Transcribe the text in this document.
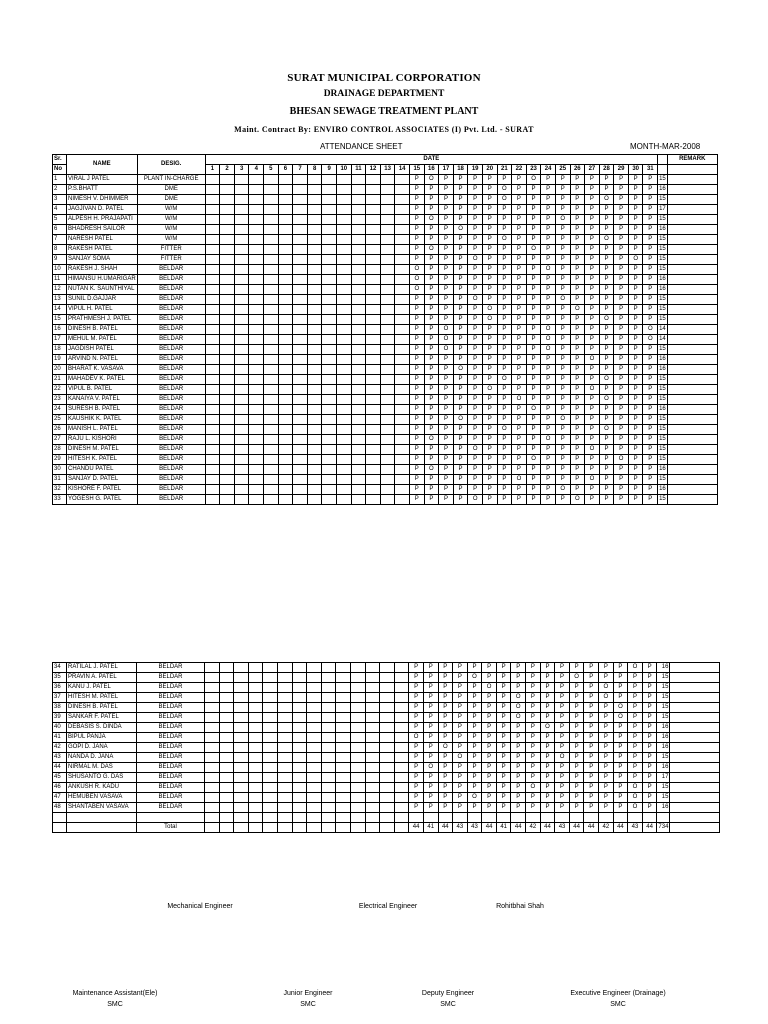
SURAT MUNICIPAL CORPORATION
DRAINAGE DEPARTMENT
BHESAN SEWAGE TREATMENT PLANT
Maint. Contract By: ENVIRO CONTROL ASSOCIATES (I) Pvt. Ltd. - SURAT
ATTENDANCE SHEET	MONTH-MAR-2008
Sr.	NAME	DESIG.	DATE																																REMARK
No			1	2	3	4	5	6	7	8	9	10	11	12	13	14	15	16	17	18	19	20	21	22	23	24	25	26	27	28	29	30	31		
1	VIRAL J PATEL	PLANT IN-CHARGE															P	O	P	P	P	P	P	P	O	P	P	P	P	P	P	P	P	15	
2	P.S.BHATT	DME															P	P	P	P	P	P	O	P	P	P	P	P	P	P	P	P	P	16	
3	NIMESH V. DHIMMER	DME															P	P	P	P	P	P	O	P	P	P	P	P	P	O	P	P	P	15	
4	JAGJIVAN D. PATEL	W/M															P	P	P	P	P	P	P	P	P	P	P	P	P	P	P	P	P	17	
5	ALPESH H. PRAJAPATI	W/M															P	O	P	P	P	P	P	P	P	P	O	P	P	P	P	P	P	15	
6	BHADRESH SAILOR	W/M															P	P	P	O	P	P	P	P	P	P	P	P	P	P	P	P	P	16	
7	NARESH PATEL	W/M															P	P	P	P	P	P	O	P	P	P	P	P	P	O	P	P	P	15	
8	RAKESH PATEL	FITTER															P	O	P	P	P	P	P	P	O	P	P	P	P	P	P	P	P	15	
9	SANJAY SOMA	FITTER															P	P	P	P	O	P	P	P	P	P	P	P	P	P	P	O	P	15	
10	RAKESH J. SHAH	BELDAR															O	P	P	P	P	P	P	P	P	O	P	P	P	P	P	P	P	15	
11	HIMANSU H.UMARIGAR	BELDAR															O	P	P	P	P	P	P	P	P	P	P	P	P	P	P	P	P	16	
12	NUTAN K. SAUNTHIYAL	BELDAR															O	P	P	P	P	P	P	P	P	P	P	P	P	P	P	P	P	16	
13	SUNIL D.GAJJAR	BELDAR															P	P	P	P	O	P	P	P	P	P	O	P	P	P	P	P	P	15	
14	VIPUL H. PATEL	BELDAR															P	P	P	P	P	O	P	P	P	P	P	O	P	P	P	P	P	15	
15	PRATHMESH J. PATEL	BELDAR															P	P	P	P	P	O	P	P	P	P	P	P	P	O	P	P	P	15	
16	DINESH B. PATEL	BELDAR															P	P	O	P	P	P	P	P	P	O	P	P	P	P	P	P	O	14	
17	MEHUL M. PATEL	BELDAR															P	P	O	P	P	P	P	P	P	O	P	P	P	P	P	P	O	14	
18	JAGDISH PATEL	BELDAR															P	P	O	P	P	P	P	P	P	O	P	P	P	P	P	P	P	15	
19	ARVIND N. PATEL	BELDAR															P	P	P	P	P	P	P	P	P	P	P	P	O	P	P	P	P	16	
20	BHARAT K. VASAVA	BELDAR															P	P	P	O	P	P	P	P	P	P	P	P	P	P	P	P	P	16	
21	MAHADEV K. PATEL	BELDAR															P	P	P	P	P	P	O	P	P	P	P	P	P	O	P	P	P	15	
22	VIPUL B. PATEL	BELDAR															P	P	P	P	P	O	P	P	P	P	P	P	O	P	P	P	P	15	
23	KANAIYA V. PATEL	BELDAR															P	P	P	P	P	P	P	O	P	P	P	P	P	O	P	P	P	15	
24	SURESH B. PATEL	BELDAR															P	P	P	P	P	P	P	P	O	P	P	P	P	P	P	P	P	16	
25	KAUSHIK K. PATEL	BELDAR															P	P	P	O	P	P	P	P	P	P	O	P	P	P	P	P	P	15	
26	MANISH L. PATEL	BELDAR															P	P	P	P	P	P	O	P	P	P	P	P	P	O	P	P	P	15	
27	RAJU L. KISHORI	BELDAR															P	O	P	P	P	P	P	P	P	O	P	P	P	P	P	P	P	15	
28	DINESH M. PATEL	BELDAR															P	P	P	P	O	P	P	P	P	P	P	P	O	P	P	P	P	15	
29	HITESH K. PATEL	BELDAR															P	P	P	P	P	P	P	P	O	P	P	P	P	P	O	P	P	15	
30	CHANDU PATEL	BELDAR															P	O	P	P	P	P	P	P	P	P	P	P	P	P	P	P	P	16	
31	SANJAY D. PATEL	BELDAR															P	P	P	P	P	P	P	O	P	P	P	P	O	P	P	P	P	15	
32	KISHORE F. PATEL	BELDAR															P	P	P	P	P	P	P	P	P	P	O	P	P	P	P	P	P	16	
33	YOGESH G. PATEL	BELDAR															P	P	P	P	O	P	P	P	P	P	P	O	P	P	P	P	P	15	
34	RATILAL J. PATEL	BELDAR															P	P	P	P	P	P	P	P	P	P	P	P	P	P	P	O	P	16	
35	PRAVIN A. PATEL	BELDAR															P	P	P	P	O	P	P	P	P	P	P	O	P	P	P	P	P	15	
36	KANU J. PATEL	BELDAR															P	P	P	P	P	O	P	P	P	P	P	P	P	O	P	P	P	15	
37	HITESH M. PATEL	BELDAR															P	P	P	P	P	P	P	O	P	P	P	P	P	O	P	P	P	15	
38	DINESH B. PATEL	BELDAR															P	P	P	P	P	P	P	O	P	P	P	P	P	P	O	P	P	15	
39	SANKAR F. PATEL	BELDAR															P	P	P	P	P	P	P	O	P	P	P	P	P	P	O	P	P	15	
40	DEBASIS S. DINDA	BELDAR															P	P	P	P	P	P	P	P	P	O	P	P	P	P	P	P	P	16	
41	BIPUL PANJA	BELDAR															O	P	P	P	P	P	P	P	P	P	P	P	P	P	P	P	P	16	
42	GOPI D. JANA	BELDAR															P	P	O	P	P	P	P	P	P	P	P	P	P	P	P	P	P	16	
43	NANDA D. JANA	BELDAR															P	P	P	O	P	P	P	P	P	P	O	P	P	P	P	P	P	15	
44	NIRMAL M. DAS	BELDAR															P	O	P	P	P	P	P	P	P	P	P	P	P	P	P	P	P	16	
45	SHUSANTO G. DAS	BELDAR															P	P	P	P	P	P	P	P	P	P	P	P	P	P	P	P	P	17	
46	ANKUSH R. KADU	BELDAR															P	P	P	P	P	P	P	P	O	P	P	P	P	P	P	O	P	15	
47	HEMUBEN VASAVA	BELDAR															P	P	P	P	O	P	P	P	P	P	P	P	P	P	P	O	P	15	
48	SHANTABEN VASAVA	BELDAR															P	P	P	P	P	P	P	P	P	P	P	P	P	P	P	O	P	16	

		Total															44	41	44	43	43	44	41	44	42	44	43	44	44	42	44	43	44	734	
Mechanical Engineer	Electrical Engineer	Rohitbhai Shah
Maintenance Assistant(Ele)
SMC
Junior Engineer
SMC
Deputy Engineer
SMC
Executive Engineer (Drainage)
SMC
